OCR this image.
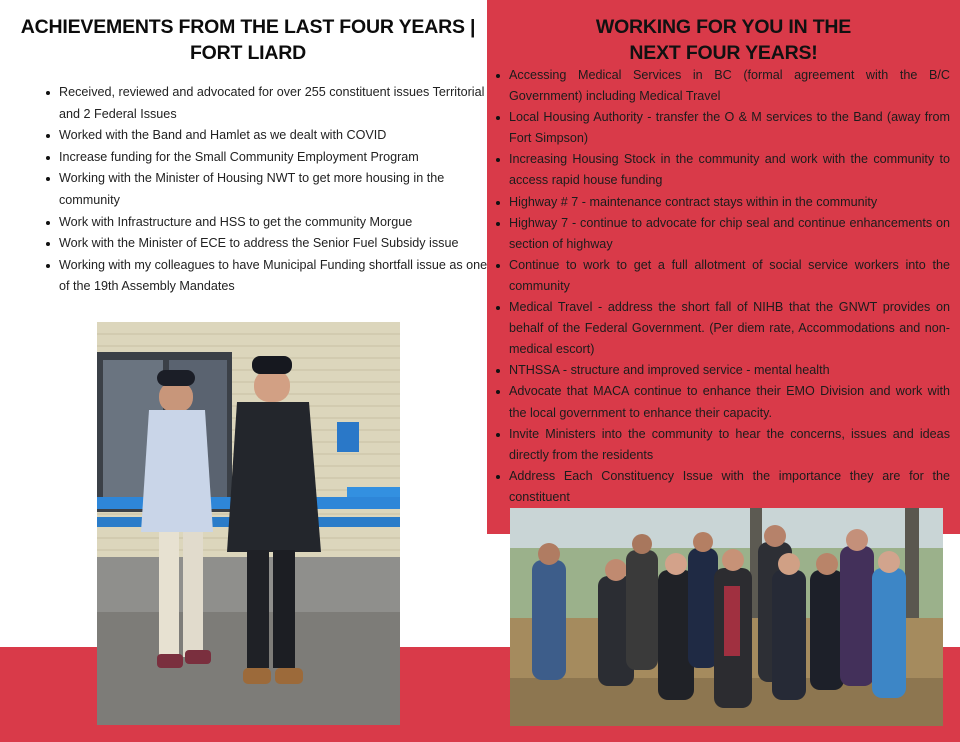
ACHIEVEMENTS FROM THE LAST FOUR YEARS |
FORT LIARD
Received, reviewed and advocated for over 255 constituent issues Territorial and 2 Federal Issues
Worked with the Band and Hamlet as we dealt with COVID
Increase funding for the Small Community Employment Program
Working with the Minister of Housing NWT to get more housing in the community
Work with Infrastructure and HSS to get the community Morgue
Work with the Minister of ECE to address the Senior Fuel Subsidy issue
Working with my colleagues to have Municipal Funding shortfall issue as one of the 19th Assembly Mandates
WORKING FOR YOU IN THE
NEXT FOUR YEARS!
Accessing Medical Services in BC (formal agreement with the B/C Government) including Medical Travel
Local Housing Authority - transfer the O & M services to the Band (away from Fort Simpson)
Increasing Housing Stock in the community and work with the community to access rapid house funding
Highway # 7 - maintenance contract stays within in the community
Highway 7 - continue to advocate for chip seal and continue enhancements on section of highway
Continue to work to get a full allotment of social service workers into the community
Medical Travel - address the short fall of NIHB that the GNWT provides on behalf of the Federal Government. (Per diem rate, Accommodations and non-medical escort)
NTHSSA - structure and improved service - mental health
Advocate that MACA continue to enhance their EMO Division and work with the local government to enhance their capacity.
Invite Ministers into the community to hear the concerns, issues and ideas directly from the residents
Address Each Constituency Issue with the importance they are for the constituent
